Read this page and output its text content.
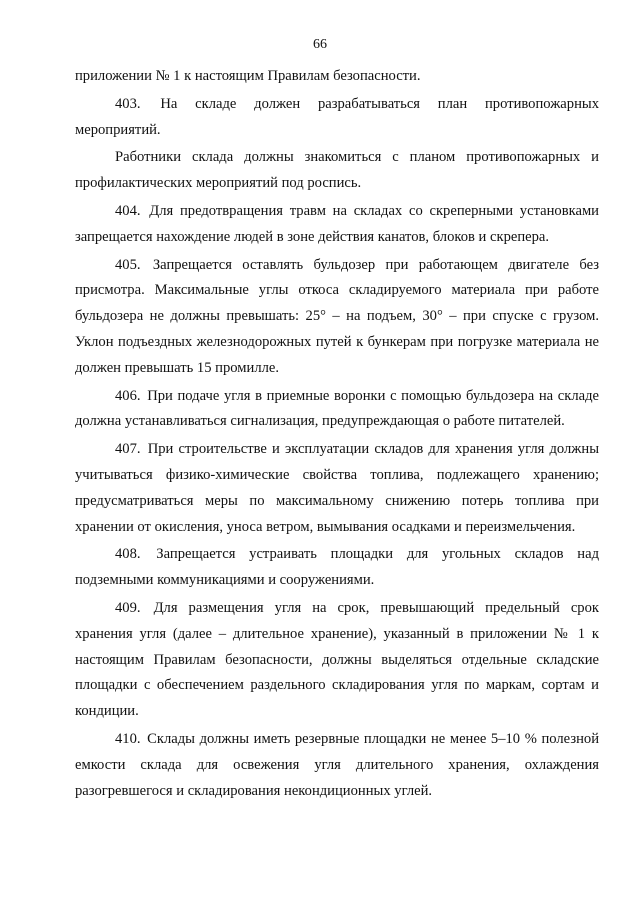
66

приложении № 1 к настоящим Правилам безопасности.

403. На складе должен разрабатываться план противопожарных мероприятий.

Работники склада должны знакомиться с планом противопожарных и профилактических мероприятий под роспись.

404. Для предотвращения травм на складах со скреперными установками запрещается нахождение людей в зоне действия канатов, блоков и скрепера.

405. Запрещается оставлять бульдозер при работающем двигателе без присмотра. Максимальные углы откоса складируемого материала при работе бульдозера не должны превышать: 25° – на подъем, 30° – при спуске с грузом. Уклон подъездных железнодорожных путей к бункерам при погрузке материала не должен превышать 15 промилле.

406. При подаче угля в приемные воронки с помощью бульдозера на складе должна устанавливаться сигнализация, предупреждающая о работе питателей.

407. При строительстве и эксплуатации складов для хранения угля должны учитываться физико-химические свойства топлива, подлежащего хранению; предусматриваться меры по максимальному снижению потерь топлива при хранении от окисления, уноса ветром, вымывания осадками и переизмельчения.

408. Запрещается устраивать площадки для угольных складов над подземными коммуникациями и сооружениями.

409. Для размещения угля на срок, превышающий предельный срок хранения угля (далее – длительное хранение), указанный в приложении № 1 к настоящим Правилам безопасности, должны выделяться отдельные складские площадки с обеспечением раздельного складирования угля по маркам, сортам и кондиции.

410. Склады должны иметь резервные площадки не менее 5–10 % полезной емкости склада для освежения угля длительного хранения, охлаждения разогревшегося и складирования некондиционных углей.
